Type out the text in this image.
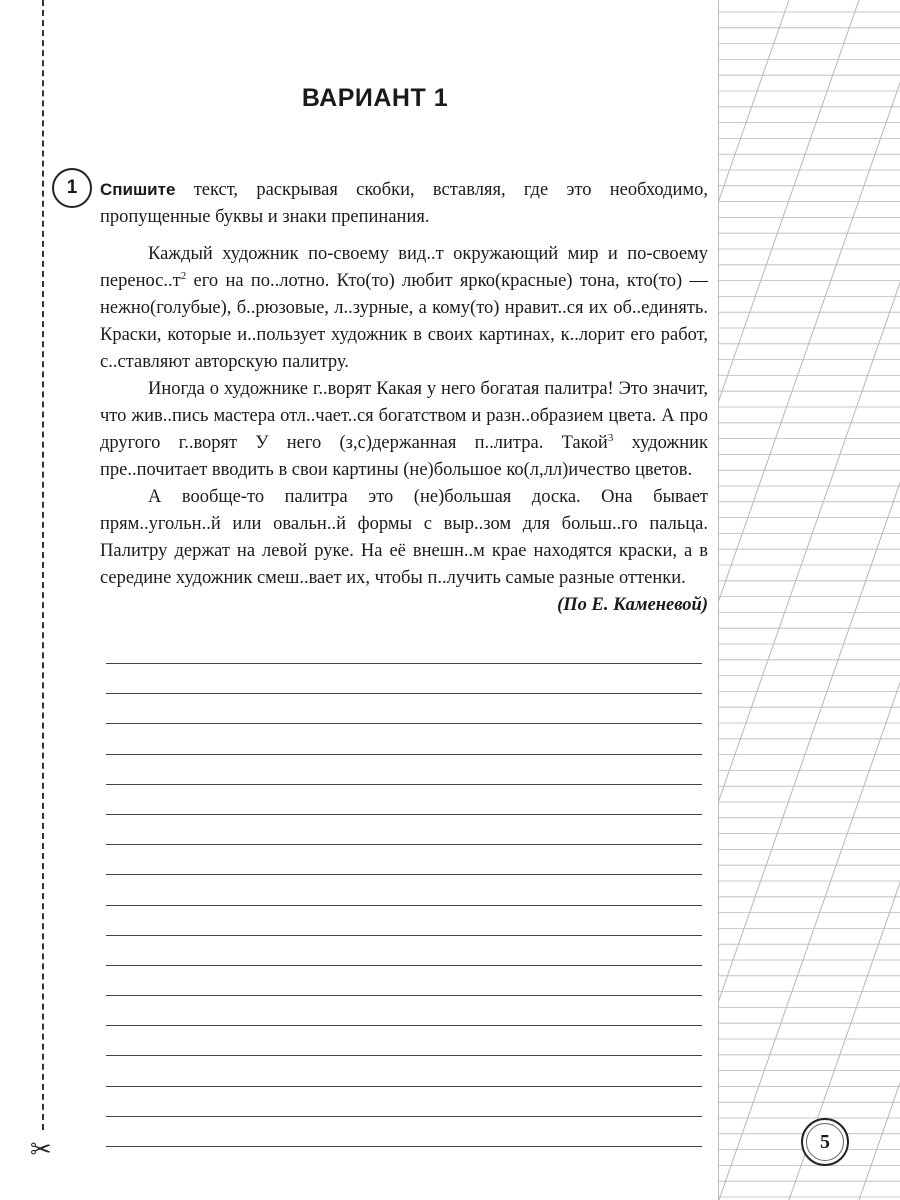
✂
ВАРИАНТ 1
1	Спишите текст, раскрывая скобки, вставляя, где это необходимо, пропущенные буквы и знаки препинания.

Каждый художник по-своему вид..т окружающий мир и по-своему $перенос..т^2$ его на по..лотно. Кто(то) любит ярко(красные) тона, кто(то) — нежно(голубые), б..рюзовые, л..зурные, а кому(то) нравит..ся их об..единять. Краски, которые и..пользует художник в своих картинах, к..лорит его работ, с..ставляют авторскую палитру.

Иногда о художнике г..ворят Какая у него богатая палитра! Это значит, что жив..пись мастера отл..чает..ся богатством и разн..образием цвета. А про другого г..ворят У него (з,с)держанная п..литра. Такой$^3$ художник пре..почитает вводить в свои картины (не)большое ко(л,лл)ичество цветов.

А вообще-то палитра это (не)большая доска. Она бывает прям..угольн..й или овальн..й формы с выр..зом для больш..го пальца. Палитру держат на левой руке. На её внешн..м крае находятся краски, а в середине художник смеш..вает их, чтобы п..лучить самые разные оттенки.

(По Е. Каменевой)

5
